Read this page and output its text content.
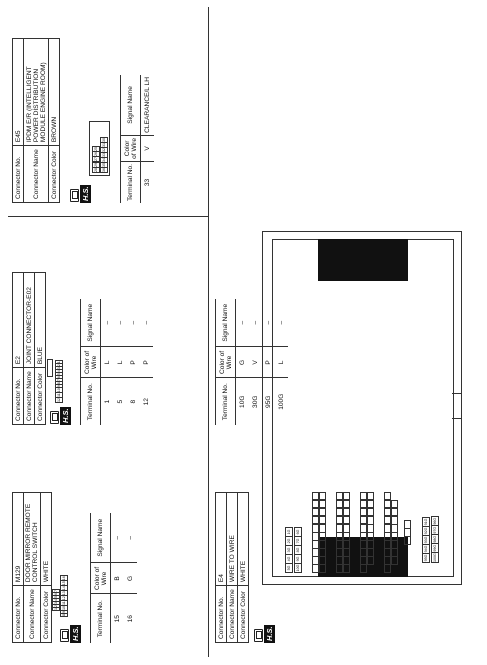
Connector No.	M129
Connector Name	DOOR MIRROR REMOTE CONTROL SWITCH
Connector Color	WHITE
H.S.
1	2	3	4	5	6	7
8	9	10	11	12	13	14	15	16
Terminal No.	Color of Wire	Signal Name
15	B	–
16	G	–
Connector No.	E2
Connector Name	JOINT CONNECTOR-E02
Connector Color	BLUE
H.S.
12	11	10	9	8	7	6	5	4	3	2	1
Terminal No.	Color of Wire	Signal Name
1	L	–
5	L	–
8	P	–
12	P	–
Connector No.	E45
Connector Name	IPDM E/R (INTELLIGENT POWER DISTRIBUTION MODULE ENGINE ROOM)
Connector Color	BROWN
H.S.
28	29		27	26	25
36	35	34	33	32	31	30
Terminal No.	Color of Wire	Signal Name
33	V	CLEARANCE/L LH
Connector No.	E4
Connector Name	WIRE TO WIRE
Connector Color	WHITE
H.S.
Terminal No.	Color of Wire	Signal Name
10G	G	–
30G	V	–
95G	P	–
100G	L	–
5G	4G	3G	2G	1G
10G	9G	8G	7G	6G
95G	94G	93G	92G	91G
100G	99G	98G	97G	96G
